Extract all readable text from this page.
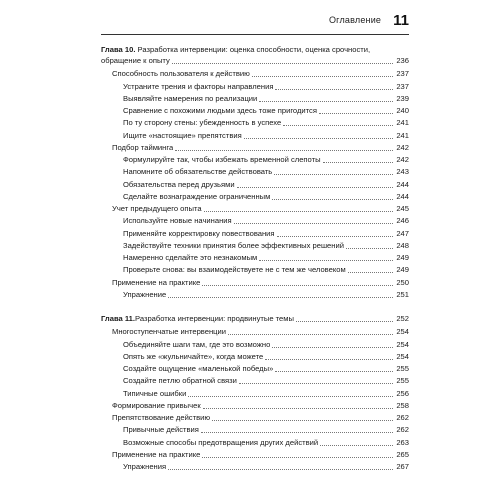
Оглавление 11
Глава 10. Разработка интервенции: оценка способности, оценка срочности,
обращение к опыту	236
Способность пользователя к действию	237
Устраните трения и факторы направления	237
Выявляйте намерения по реализации	239
Сравнение с похожими людьми здесь тоже пригодится	240
По ту сторону стены: убежденность в успехе	241
Ищите «настоящие» препятствия	241
Подбор тайминга	242
Формулируйте так, чтобы избежать временной слепоты	242
Напомните об обязательстве действовать	243
Обязательства перед друзьями	244
Сделайте вознаграждение ограниченным	244
Учет предыдущего опыта	245
Используйте новые начинания	246
Применяйте корректировку повествования	247
Задействуйте техники принятия более эффективных решений	248
Намеренно сделайте это незнакомым	249
Проверьте снова: вы взаимодействуете не с тем же человеком	249
Применение на практике	250
Упражнение	251
Глава 11. Разработка интервенции: продвинутые темы	252
Многоступенчатые интервенции	254
Объединяйте шаги там, где это возможно	254
Опять же «жульничайте», когда можете	254
Создайте ощущение «маленькой победы»	255
Создайте петлю обратной связи	255
Типичные ошибки	256
Формирование привычек	258
Препятствование действию	262
Привычные действия	262
Возможные способы предотвращения других действий	263
Применение на практике	265
Упражнения	267
